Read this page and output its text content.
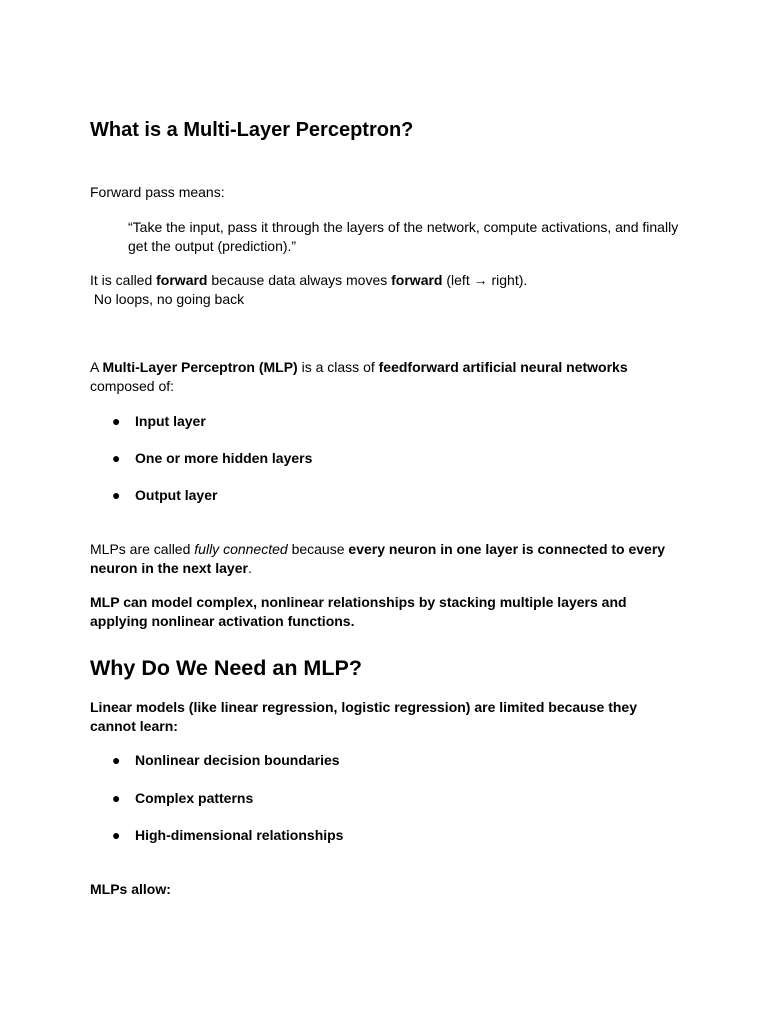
What is a Multi-Layer Perceptron?

Forward pass means:

“Take the input, pass it through the layers of the network, compute activations, and finally get the output (prediction).”

It is called forward because data always moves forward (left → right).
No loops, no going back

A Multi-Layer Perceptron (MLP) is a class of feedforward artificial neural networks composed of:

● Input layer

● One or more hidden layers

● Output layer

MLPs are called fully connected because every neuron in one layer is connected to every neuron in the next layer.

MLP can model complex, nonlinear relationships by stacking multiple layers and applying nonlinear activation functions.

Why Do We Need an MLP?

Linear models (like linear regression, logistic regression) are limited because they cannot learn:

● Nonlinear decision boundaries

● Complex patterns

● High-dimensional relationships

MLPs allow:
